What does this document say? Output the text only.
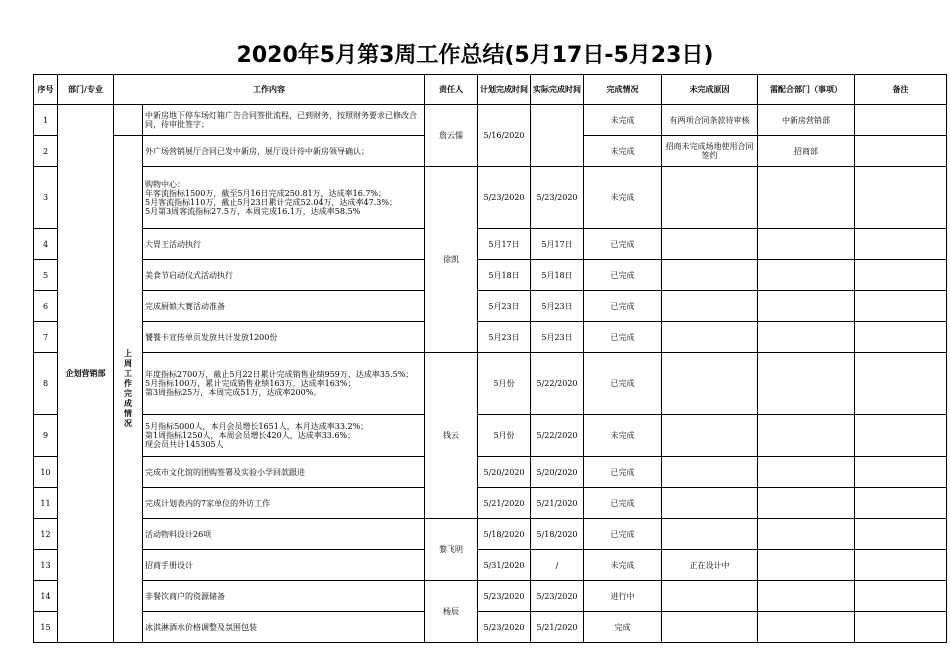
2020年5月第3周工作总结(5月17日-5月23日)
序号	部门/专业	工作内容		责任人	计划完成时间	实际完成时间	完成情况	未完成原因	需配合部门（事项）	备注
1	企划营销部		中新房地下停车场灯箱广告合同签批流程，已到财务，按照财务要求已修改合同，待审批签字；	詹云懦	5/16/2020		未完成	有两项合同条款待审核	中新房营销部	
2		上周工作完成情况	外广场营销展厅合同已发中新房，展厅设计待中新房领导确认；				未完成	招商未完成场地使用合同签约	招商部	
3			购物中心：
年客流指标1500万，截至5月16日完成250.81万，达成率16.7%；
5月客流指标110万，截止5月23日累计完成52.04万，达成率47.3%；
5月第3周客流指标27.5万，本周完成16.1万，达成率58.5%	徐凯	5/23/2020	5/23/2020	未完成			
4			大胃王活动执行		5月17日	5月17日	已完成			
5			美食节启动仪式活动执行		5月18日	5月18日	已完成			
6			完成厨娘大赛活动准备		5月23日	5月23日	已完成			
7			饕餮卡宣传单页发放共计发放1200份		5月23日	5月23日	已完成			
8			年度指标2700万，截止5月22日累计完成销售业绩959万，达成率35.5%；
5月指标100万，累计完成销售业绩163万，达成率163%；
第3周指标25万，本周完成51万，达成率200%。	钱云	5月份	5/22/2020	已完成			
9			5月指标5000人，本月会员增长1651人，本月达成率33.2%；
第1周指标1250人，本周会员增长420人，达成率33.6%；
现会员共计145305人		5月份	5/22/2020	未完成			
10			完成市文化馆的团购签署及实验小学回款跟进		5/20/2020	5/20/2020	已完成			
11			完成计划表内的7家单位的外访工作		5/21/2020	5/21/2020	已完成			
12			活动物料设计26项	黎飞明	5/18/2020	5/18/2020	已完成			
13			招商手册设计		5/31/2020	/	未完成	正在设计中		
14			非餐饮商户的资源储备	杨辰	5/23/2020	5/23/2020	进行中			
15			冰淇淋酒水价格调整及氛围包装		5/23/2020	5/21/2020	完成			
